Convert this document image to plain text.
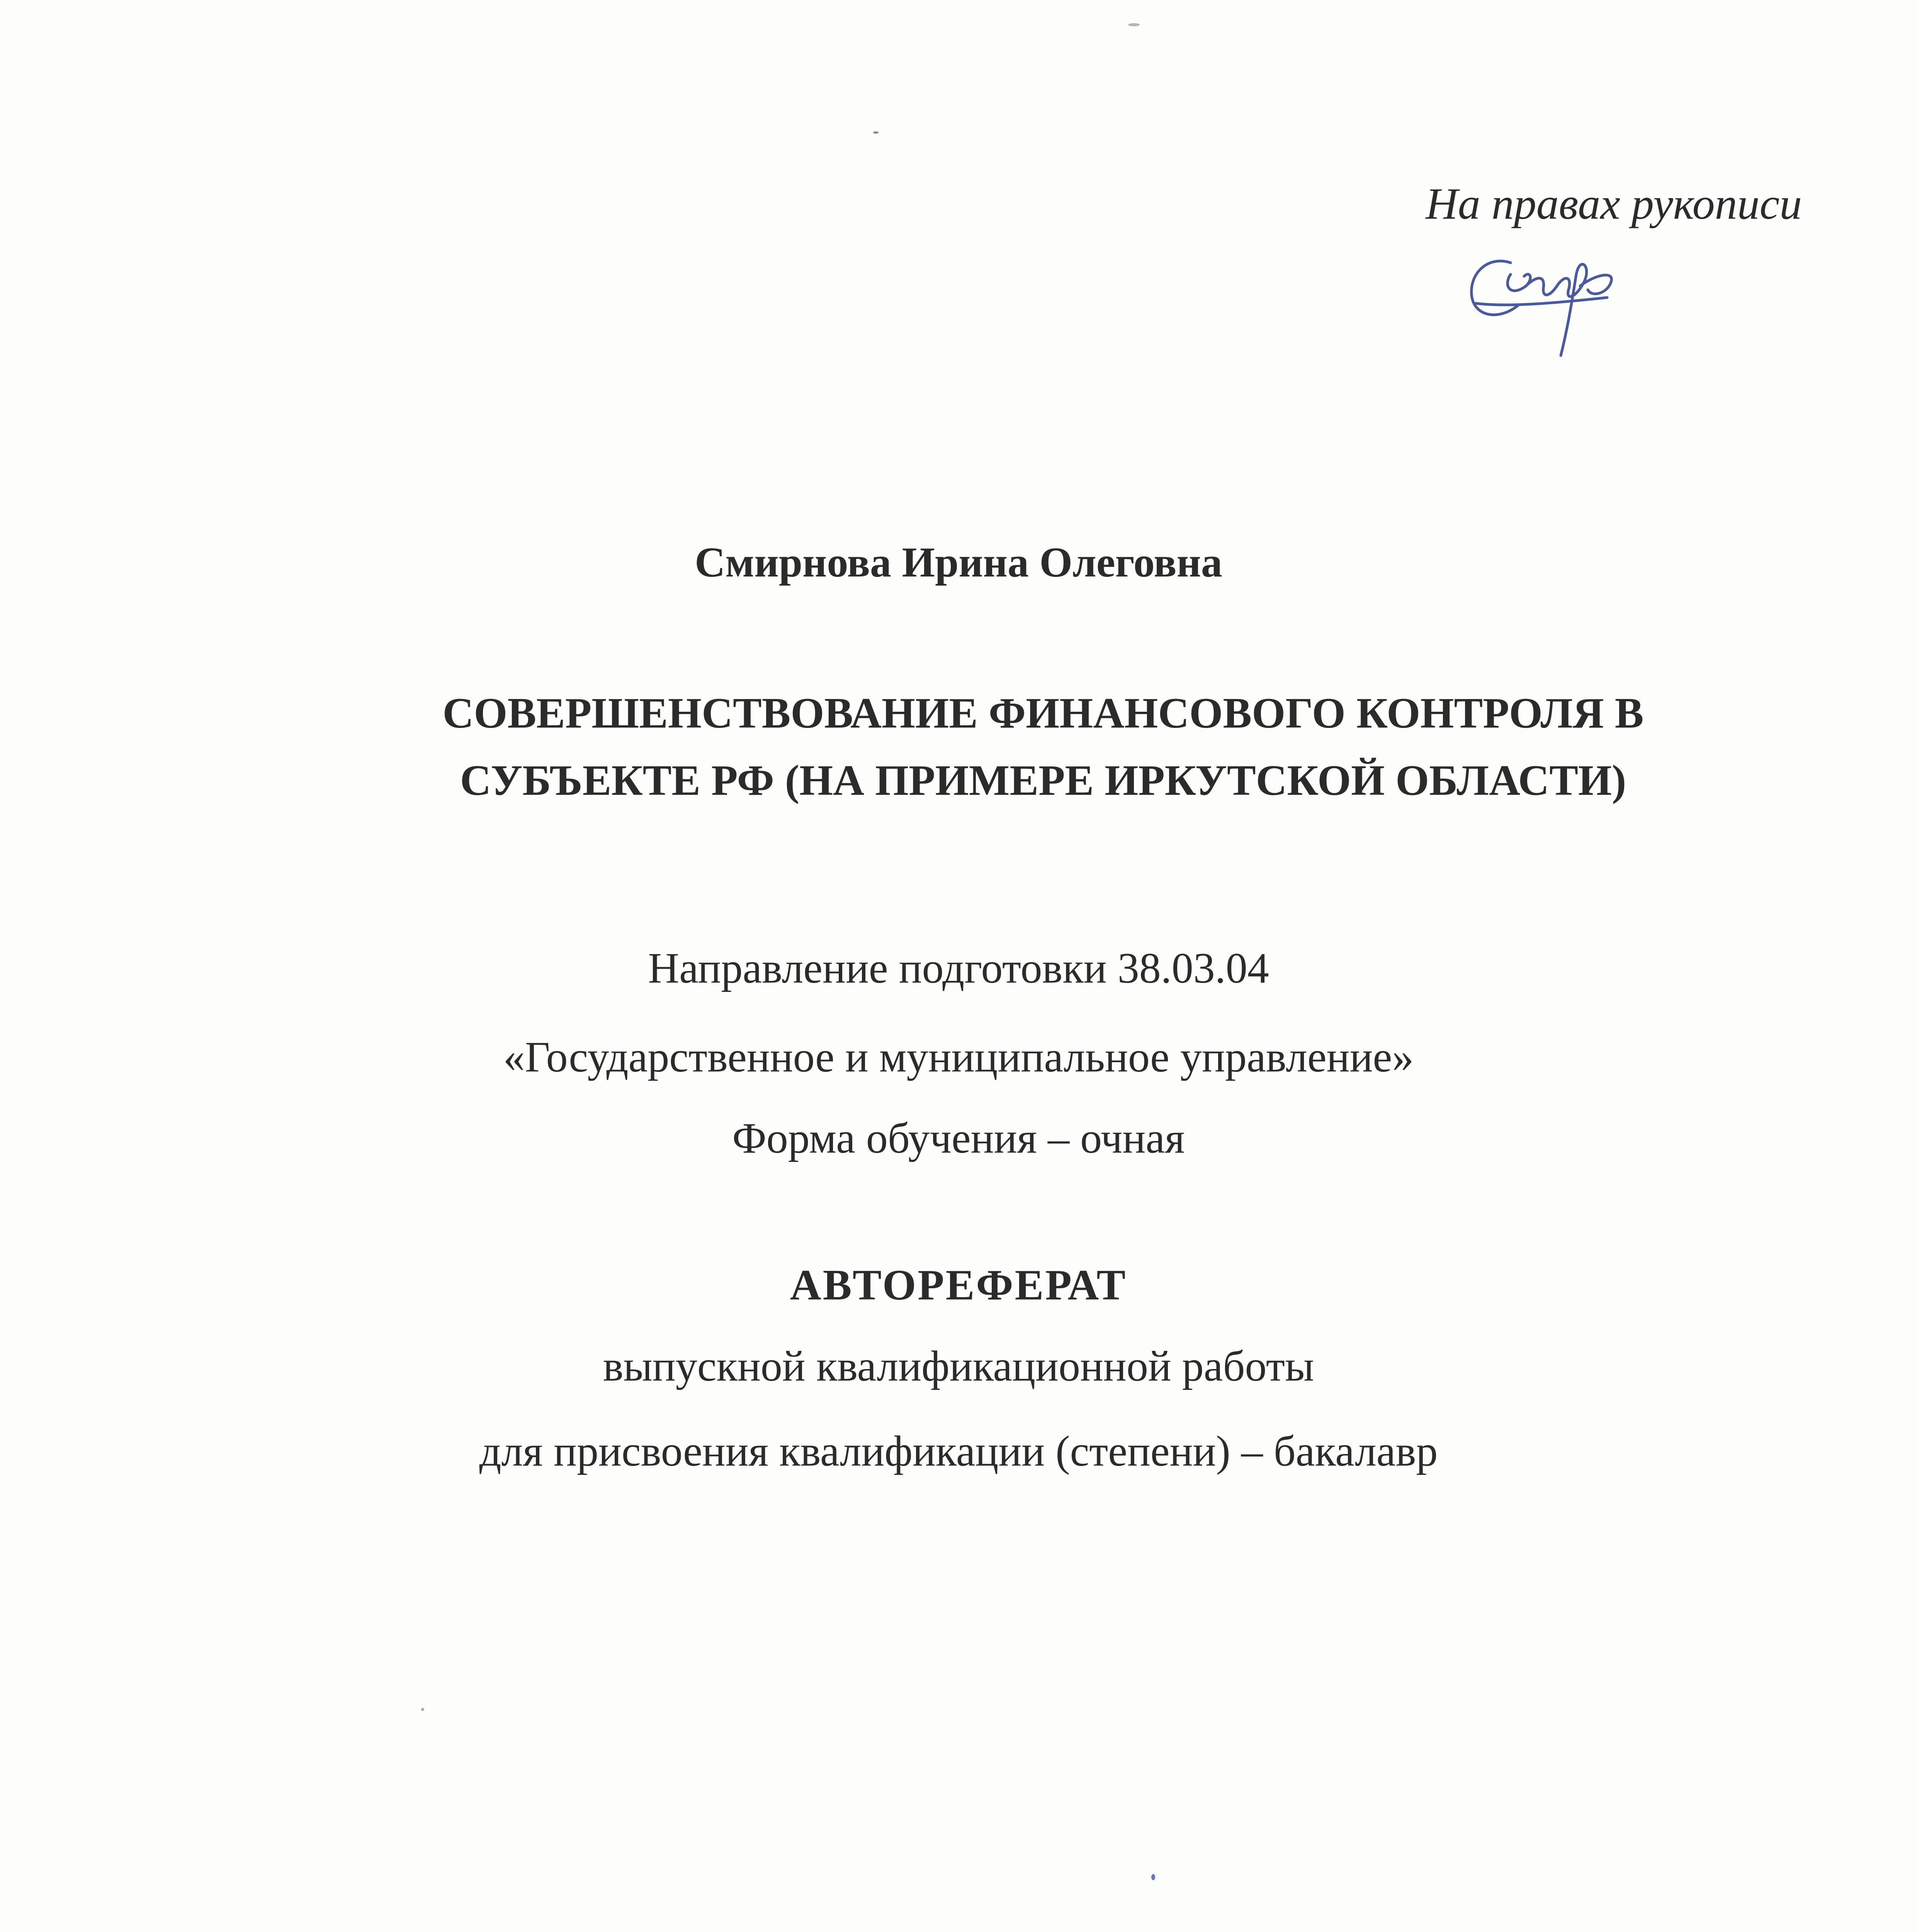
На правах рукописи
Смирнова Ирина Олеговна
СОВЕРШЕНСТВОВАНИЕ ФИНАНСОВОГО КОНТРОЛЯ В
СУБЪЕКТЕ РФ (НА ПРИМЕРЕ ИРКУТСКОЙ ОБЛАСТИ)
Направление подготовки 38.03.04
«Государственное и муниципальное управление»
Форма обучения – очная
АВТОРЕФЕРАТ
выпускной квалификационной работы
для присвоения квалификации (степени) – бакалавр
